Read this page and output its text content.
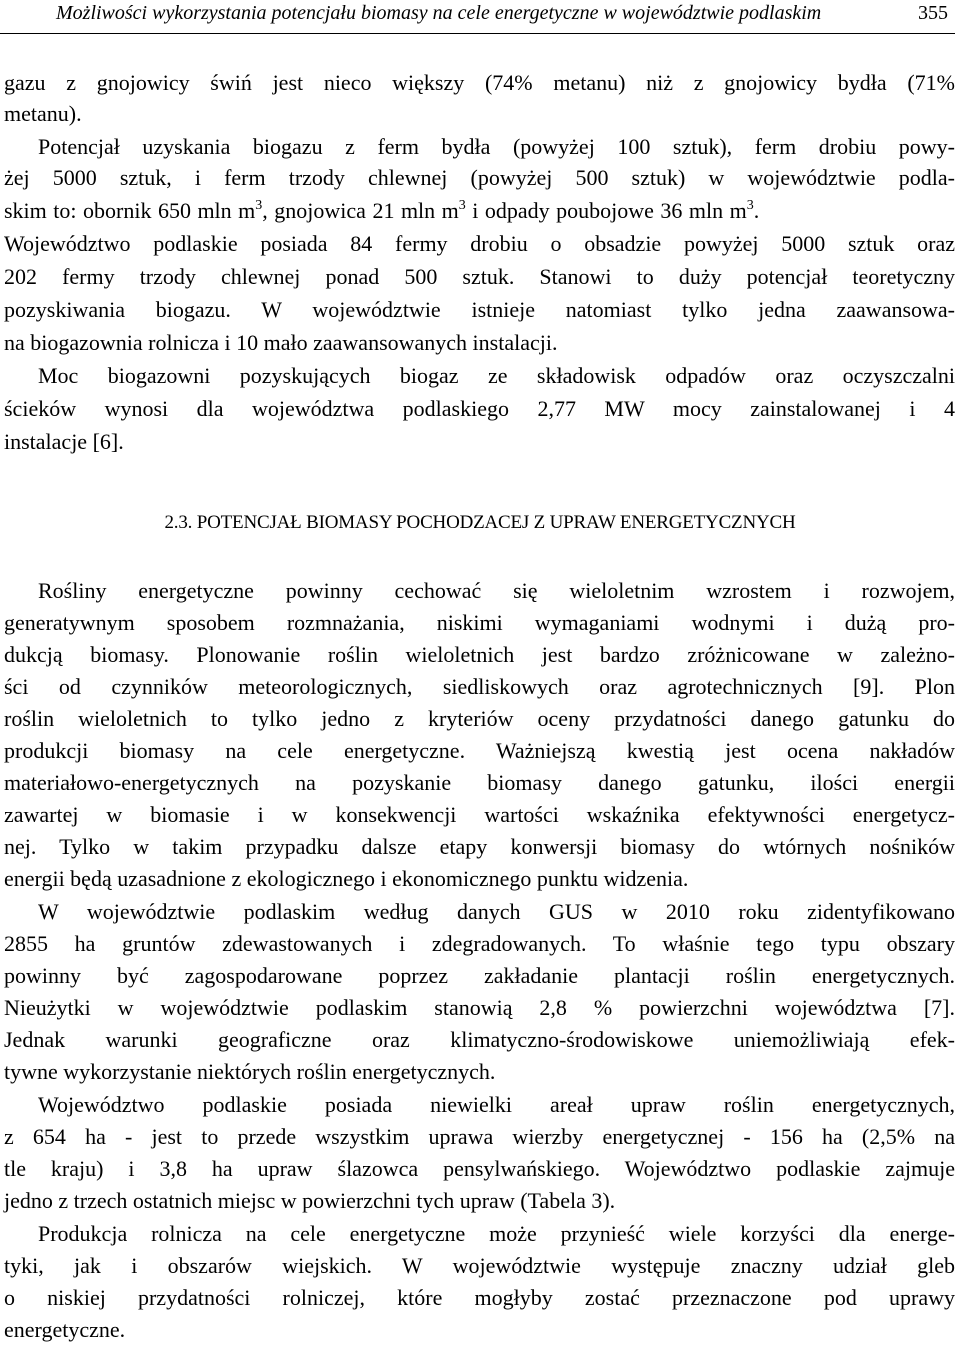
Możliwości wykorzystania potencjału biomasy na cele energetyczne w województwie podlaskim	355
gazu z gnojowicy świń jest nieco większy (74% metanu) niż z gnojowicy bydła (71%
metanu).
Potencjał uzyskania biogazu z ferm bydła (powyżej 100 sztuk), ferm drobiu powy-
żej 5000 sztuk, i ferm trzody chlewnej (powyżej 500 sztuk) w województwie podla-
skim to: obornik 650 mln $m^3$, gnojowica 21 mln $m^3$ i odpady poubojowe 36 mln $m^3$.
Województwo podlaskie posiada 84 fermy drobiu o obsadzie powyżej 5000 sztuk oraz
202 fermy trzody chlewnej ponad 500 sztuk. Stanowi to duży potencjał teoretyczny
pozyskiwania biogazu. W województwie istnieje natomiast tylko jedna zaawansowa-
na biogazownia rolnicza i 10 mało zaawansowanych instalacji.
Moc biogazowni pozyskujących biogaz ze składowisk odpadów oraz oczyszczalni
ścieków wynosi dla województwa podlaskiego 2,77 MW mocy zainstalowanej i 4
instalacje [6].
2.3. POTENCJAŁ BIOMASY POCHODZACEJ Z UPRAW ENERGETYCZNYCH
Rośliny energetyczne powinny cechować się wieloletnim wzrostem i rozwojem,
generatywnym sposobem rozmnażania, niskimi wymaganiami wodnymi i dużą pro-
dukcją biomasy. Plonowanie roślin wieloletnich jest bardzo zróżnicowane w zależno-
ści od czynników meteorologicznych, siedliskowych oraz agrotechnicznych [9]. Plon
roślin wieloletnich to tylko jedno z kryteriów oceny przydatności danego gatunku do
produkcji biomasy na cele energetyczne. Ważniejszą kwestią jest ocena nakładów
materiałowo-energetycznych na pozyskanie biomasy danego gatunku, ilości energii
zawartej w biomasie i w konsekwencji wartości wskaźnika efektywności energetycz-
nej. Tylko w takim przypadku dalsze etapy konwersji biomasy do wtórnych nośników
energii będą uzasadnione z ekologicznego i ekonomicznego punktu widzenia.
W województwie podlaskim według danych GUS w 2010 roku zidentyfikowano
2855 ha gruntów zdewastowanych i zdegradowanych. To właśnie tego typu obszary
powinny być zagospodarowane poprzez zakładanie plantacji roślin energetycznych.
Nieużytki w województwie podlaskim stanowią 2,8 % powierzchni województwa [7].
Jednak warunki geograficzne oraz klimatyczno-środowiskowe uniemożliwiają efek-
tywne wykorzystanie niektórych roślin energetycznych.
Województwo podlaskie posiada niewielki areał upraw roślin energetycznych,
z 654 ha - jest to przede wszystkim uprawa wierzby energetycznej - 156 ha (2,5% na
tle kraju) i 3,8 ha upraw ślazowca pensylwańskiego. Województwo podlaskie zajmuje
jedno z trzech ostatnich miejsc w powierzchni tych upraw (Tabela 3).
Produkcja rolnicza na cele energetyczne może przynieść wiele korzyści dla energe-
tyki, jak i obszarów wiejskich. W województwie występuje znaczny udział gleb
o niskiej przydatności rolniczej, które mogłyby zostać przeznaczone pod uprawy
energetyczne.
